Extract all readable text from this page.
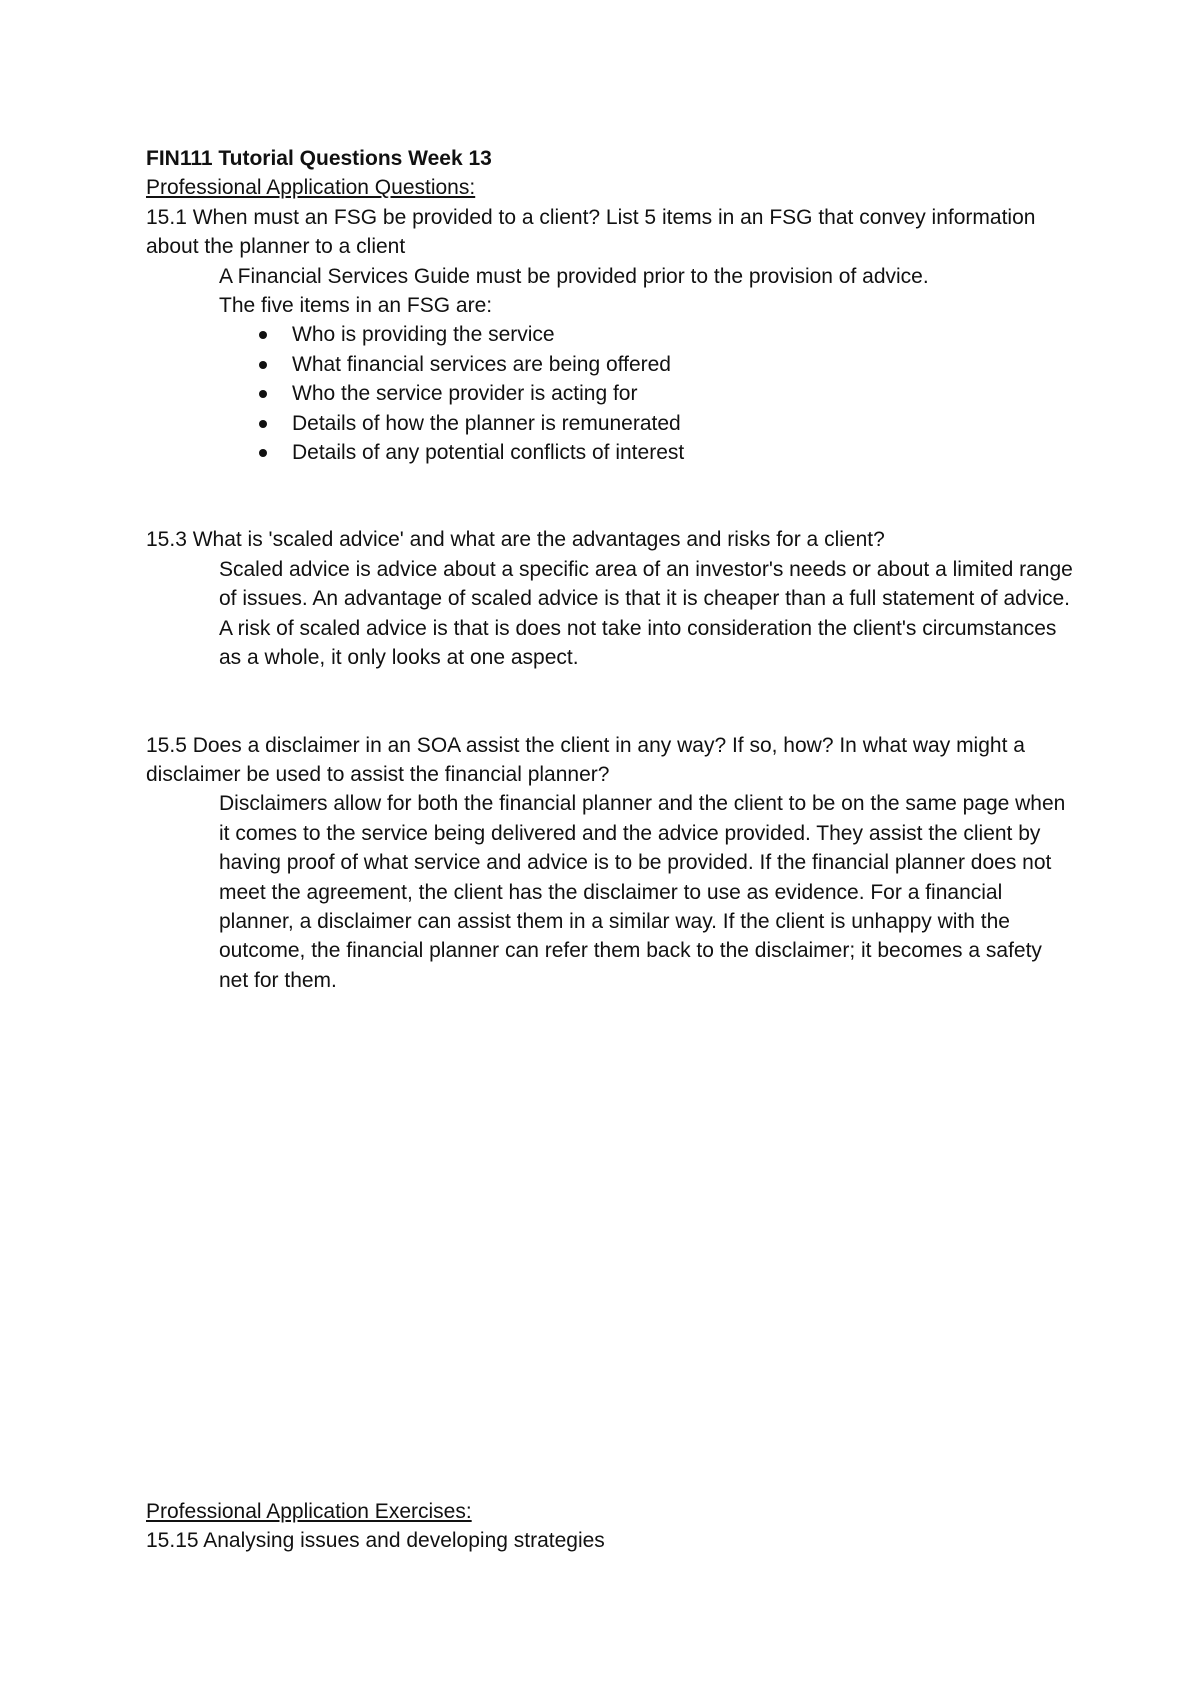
FIN111 Tutorial Questions Week 13

Professional Application Questions:

15.1 When must an FSG be provided to a client? List 5 items in an FSG that convey information about the planner to a client

A Financial Services Guide must be provided prior to the provision of advice.

The five items in an FSG are:

Who is providing the service
What financial services are being offered
Who the service provider is acting for
Details of how the planner is remunerated
Details of any potential conflicts of interest

15.3 What is 'scaled advice' and what are the advantages and risks for a client?

Scaled advice is advice about a specific area of an investor's needs or about a limited range of issues. An advantage of scaled advice is that it is cheaper than a full statement of advice. A risk of scaled advice is that is does not take into consideration the client's circumstances as a whole, it only looks at one aspect.

15.5 Does a disclaimer in an SOA assist the client in any way? If so, how? In what way might a disclaimer be used to assist the financial planner?

Disclaimers allow for both the financial planner and the client to be on the same page when it comes to the service being delivered and the advice provided. They assist the client by having proof of what service and advice is to be provided. If the financial planner does not meet the agreement, the client has the disclaimer to use as evidence. For a financial planner, a disclaimer can assist them in a similar way. If the client is unhappy with the outcome, the financial planner can refer them back to the disclaimer; it becomes a safety net for them.

Professional Application Exercises:

15.15 Analysing issues and developing strategies
